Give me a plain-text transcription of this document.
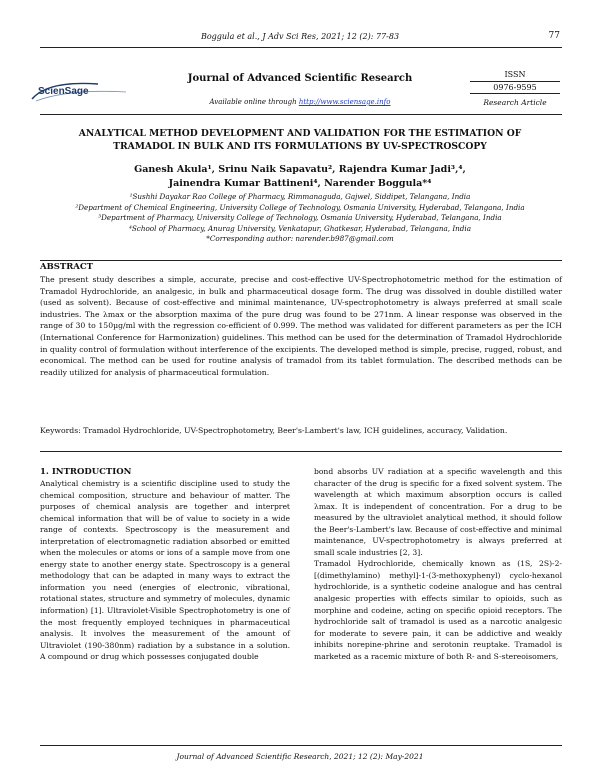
Boggula et al., J Adv Sci Res, 2021; 12 (2): 77-83	77
ScienSage
Journal of Advanced Scientific Research
Available online through http://www.sciensage.info
ISSN
0976-9595
Research Article
ANALYTICAL METHOD DEVELOPMENT AND VALIDATION FOR THE ESTIMATION OF
TRAMADOL IN BULK AND ITS FORMULATIONS BY UV-SPECTROSCOPY
Ganesh Akula¹, Srinu Naik Sapavatu², Rajendra Kumar Jadi³,⁴,
Jainendra Kumar Battineni⁴, Narender Boggula*⁴
¹Sushhi Dayakar Rao College of Pharmacy, Rimmanaguda, Gajwel, Siddipet, Telangana, India
²Department of Chemical Engineering, University College of Technology, Osmania University, Hyderabad, Telangana, India
³Department of Pharmacy, University College of Technology, Osmania University, Hyderabad, Telangana, India
⁴School of Pharmacy, Anurag University, Venkatapur, Ghatkesar, Hyderabad, Telangana, India
*Corresponding author: narender.b987@gmail.com
ABSTRACT
The present study describes a simple, accurate, precise and cost-effective UV-Spectrophotometric method for the estimation of Tramadol Hydrochloride, an analgesic, in bulk and pharmaceutical dosage form. The drug was dissolved in double distilled water (used as solvent). Because of cost-effective and minimal maintenance, UV-spectrophotometry is always preferred at small scale industries. The λmax or the absorption maxima of the pure drug was found to be 271nm. A linear response was observed in the range of 30 to 150µg/ml with the regression co-efficient of 0.999. The method was validated for different parameters as per the ICH (International Conference for Harmonization) guidelines. This method can be used for the determination of Tramadol Hydrochloride in quality control of formulation without interference of the excipients. The developed method is simple, precise, rugged, robust, and economical. The method can be used for routine analysis of tramadol from its tablet formulation. The described methods can be readily utilized for analysis of pharmaceutical formulation.
Keywords: Tramadol Hydrochloride, UV-Spectrophotometry, Beer's-Lambert's law, ICH guidelines, accuracy, Validation.
1. INTRODUCTION

Analytical chemistry is a scientific discipline used to study the chemical composition, structure and behaviour of matter. The purposes of chemical analysis are together and interpret chemical information that will be of value to society in a wide range of contexts. Spectroscopy is the measurement and interpretation of electromagnetic radiation absorbed or emitted when the molecules or atoms or ions of a sample move from one energy state to another energy state. Spectroscopy is a general methodology that can be adapted in many ways to extract the information you need (energies of electronic, vibrational, rotational states, structure and symmetry of molecules, dynamic information) [1]. Ultraviolet-Visible Spectrophotometry is one of the most frequently employed techniques in pharmaceutical analysis. It involves the measurement of the amount of Ultraviolet (190-380nm) radiation by a substance in a solution. A compound or drug which possesses conjugated double

bond absorbs UV radiation at a specific wavelength and this character of the drug is specific for a fixed solvent system. The wavelength at which maximum absorption occurs is called λmax. It is independent of concentration. For a drug to be measured by the ultraviolet analytical method, it should follow the Beer's-Lambert's law. Because of cost-effective and minimal maintenance, UV-spectrophotometry is always preferred at small scale industries [2, 3].

Tramadol Hydrochloride, chemically known as (1S, 2S)-2-[(dimethylamino) methyl]-1-(3-methoxyphenyl) cyclo-hexanol hydrochloride, is a synthetic codeine analogue and has central analgesic properties with effects similar to opioids, such as morphine and codeine, acting on specific opioid receptors. The hydrochloride salt of tramadol is used as a narcotic analgesic for moderate to severe pain, it can be addictive and weakly inhibits norepine-phrine and serotonin reuptake. Tramadol is marketed as a racemic mixture of both R- and S-stereoisomers,

Journal of Advanced Scientific Research, 2021; 12 (2): May-2021
